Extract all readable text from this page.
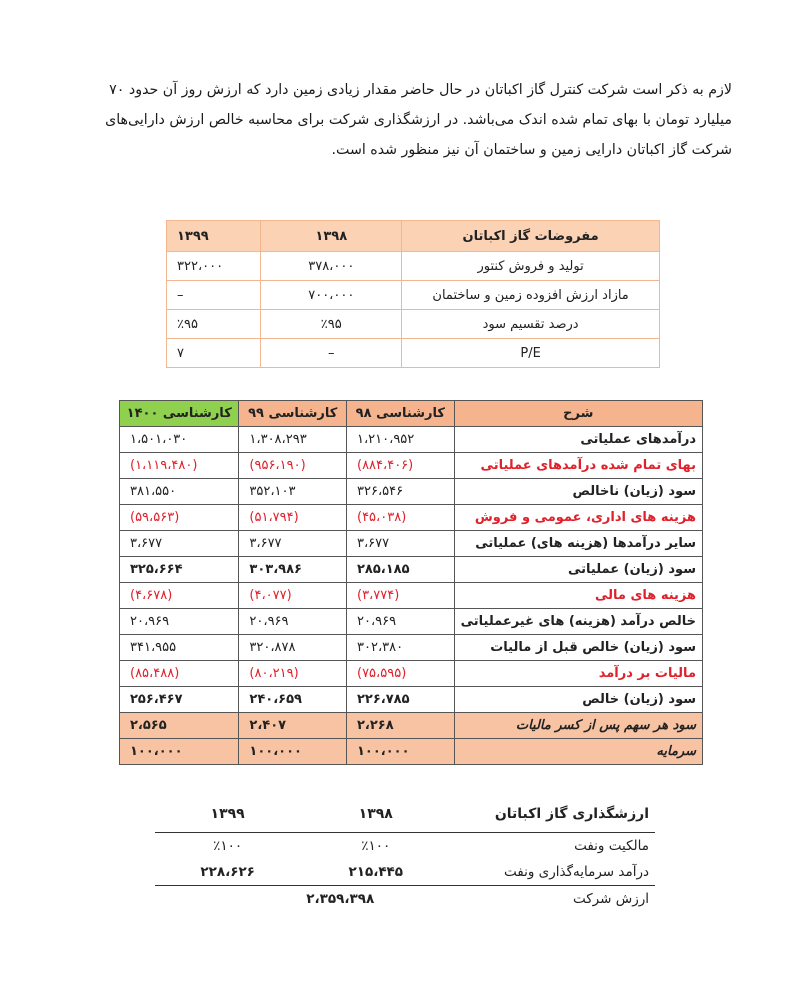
لازم به ذکر است شرکت کنترل گاز اکباتان در حال حاضر مقدار زیادی زمین دارد که ارزش روز آن حدود ۷۰
میلیارد تومان با بهای تمام شده اندک می‌باشد. در ارزشگذاری شرکت برای محاسبه خالص ارزش دارایی‌های
شرکت گاز اکباتان دارایی زمین و ساختمان آن نیز منظور شده است.
مفروضات گاز اکباتان	۱۳۹۸	۱۳۹۹
تولید و فروش کنتور	۳۷۸،۰۰۰	۳۲۲،۰۰۰
مازاد ارزش افزوده زمین و ساختمان	۷۰۰،۰۰۰	–
درصد تقسیم سود	٪۹۵	٪۹۵
P/E	–	۷
شرح	کارشناسی ۹۸	کارشناسی ۹۹	کارشناسی ۱۴۰۰
درآمدهای عملیاتی	۱،۲۱۰،۹۵۲	۱،۳۰۸،۲۹۳	۱،۵۰۱،۰۳۰
بهای تمام شده درآمدهای عملیاتی	(۸۸۴،۴۰۶)	(۹۵۶،۱۹۰)	(۱،۱۱۹،۴۸۰)
سود (زیان) ناخالص	۳۲۶،۵۴۶	۳۵۲،۱۰۳	۳۸۱،۵۵۰
هزینه های اداری، عمومی و فروش	(۴۵،۰۳۸)	(۵۱،۷۹۴)	(۵۹،۵۶۳)
سایر درآمدها (هزینه های) عملیاتی	۳،۶۷۷	۳،۶۷۷	۳،۶۷۷
سود (زیان) عملیاتی	۲۸۵،۱۸۵	۳۰۳،۹۸۶	۳۲۵،۶۶۴
هزینه های مالی	(۳،۷۷۴)	(۴،۰۷۷)	(۴،۶۷۸)
خالص درآمد (هزینه) های غیرعملیاتی	۲۰،۹۶۹	۲۰،۹۶۹	۲۰،۹۶۹
سود (زیان) خالص قبل از مالیات	۳۰۲،۳۸۰	۳۲۰،۸۷۸	۳۴۱،۹۵۵
مالیات بر درآمد	(۷۵،۵۹۵)	(۸۰،۲۱۹)	(۸۵،۴۸۸)
سود (زیان) خالص	۲۲۶،۷۸۵	۲۴۰،۶۵۹	۲۵۶،۴۶۷
سود هر سهم پس از کسر مالیات	۲،۲۶۸	۲،۴۰۷	۲،۵۶۵
سرمایه	۱۰۰،۰۰۰	۱۰۰،۰۰۰	۱۰۰،۰۰۰
ارزشگذاری گاز اکباتان	۱۳۹۸	۱۳۹۹
مالکیت ونفت	٪۱۰۰	٪۱۰۰
درآمد سرمایه‌گذاری ونفت	۲۱۵،۴۴۵	۲۲۸،۶۲۶
ارزش شرکت	۲،۳۵۹،۳۹۸	
